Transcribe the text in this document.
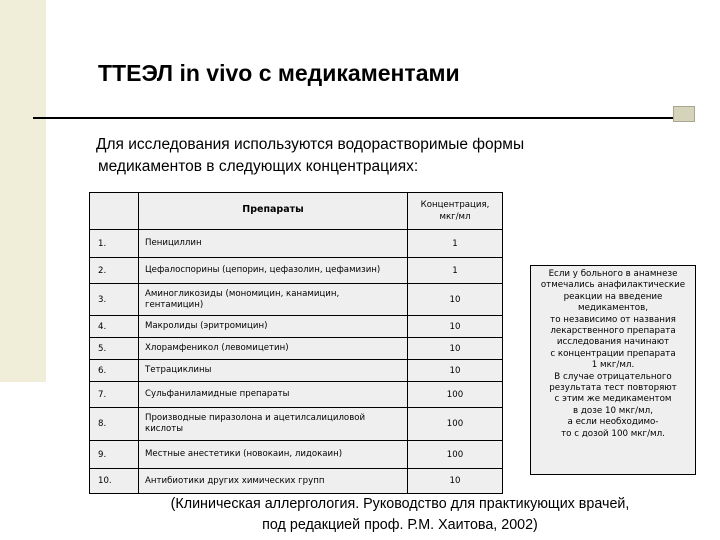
ТТЕЭЛ in vivo с медикаментами
Для исследования используются водорастворимые формы
медикаментов в следующих концентрациях:
	Препараты	Концентрация,
мкг/мл

1.	Пенициллин	1
2.	Цефалоспорины (цепорин, цефазолин, цефамизин)	1
3.	Аминогликозиды (мономицин, канамицин,
гентамицин)	10
4.	Макролиды (эритромицин)	10
5.	Хлорамфеникол (левомицетин)	10
6.	Тетрациклины	10
7.	Сульфаниламидные препараты	100
8.	Производные пиразолона и ацетилсалициловой
кислоты	100
9.	Местные анестетики (новокаин, лидокаин)	100
10.	Антибиотики других химических групп	10
Если у больного в анамнезе
отмечались анафилактические
реакции на введение
медикаментов,
то независимо от названия
лекарственного препарата
исследования начинают
с концентрации препарата
1 мкг/мл.
В случае отрицательного
результата тест повторяют
с этим же медикаментом
в дозе 10 мкг/мл,
а если необходимо-
то с дозой 100 мкг/мл.
(Клиническая аллергология. Руководство для практикующих врачей,
под редакцией проф. Р.М. Хаитова, 2002)
